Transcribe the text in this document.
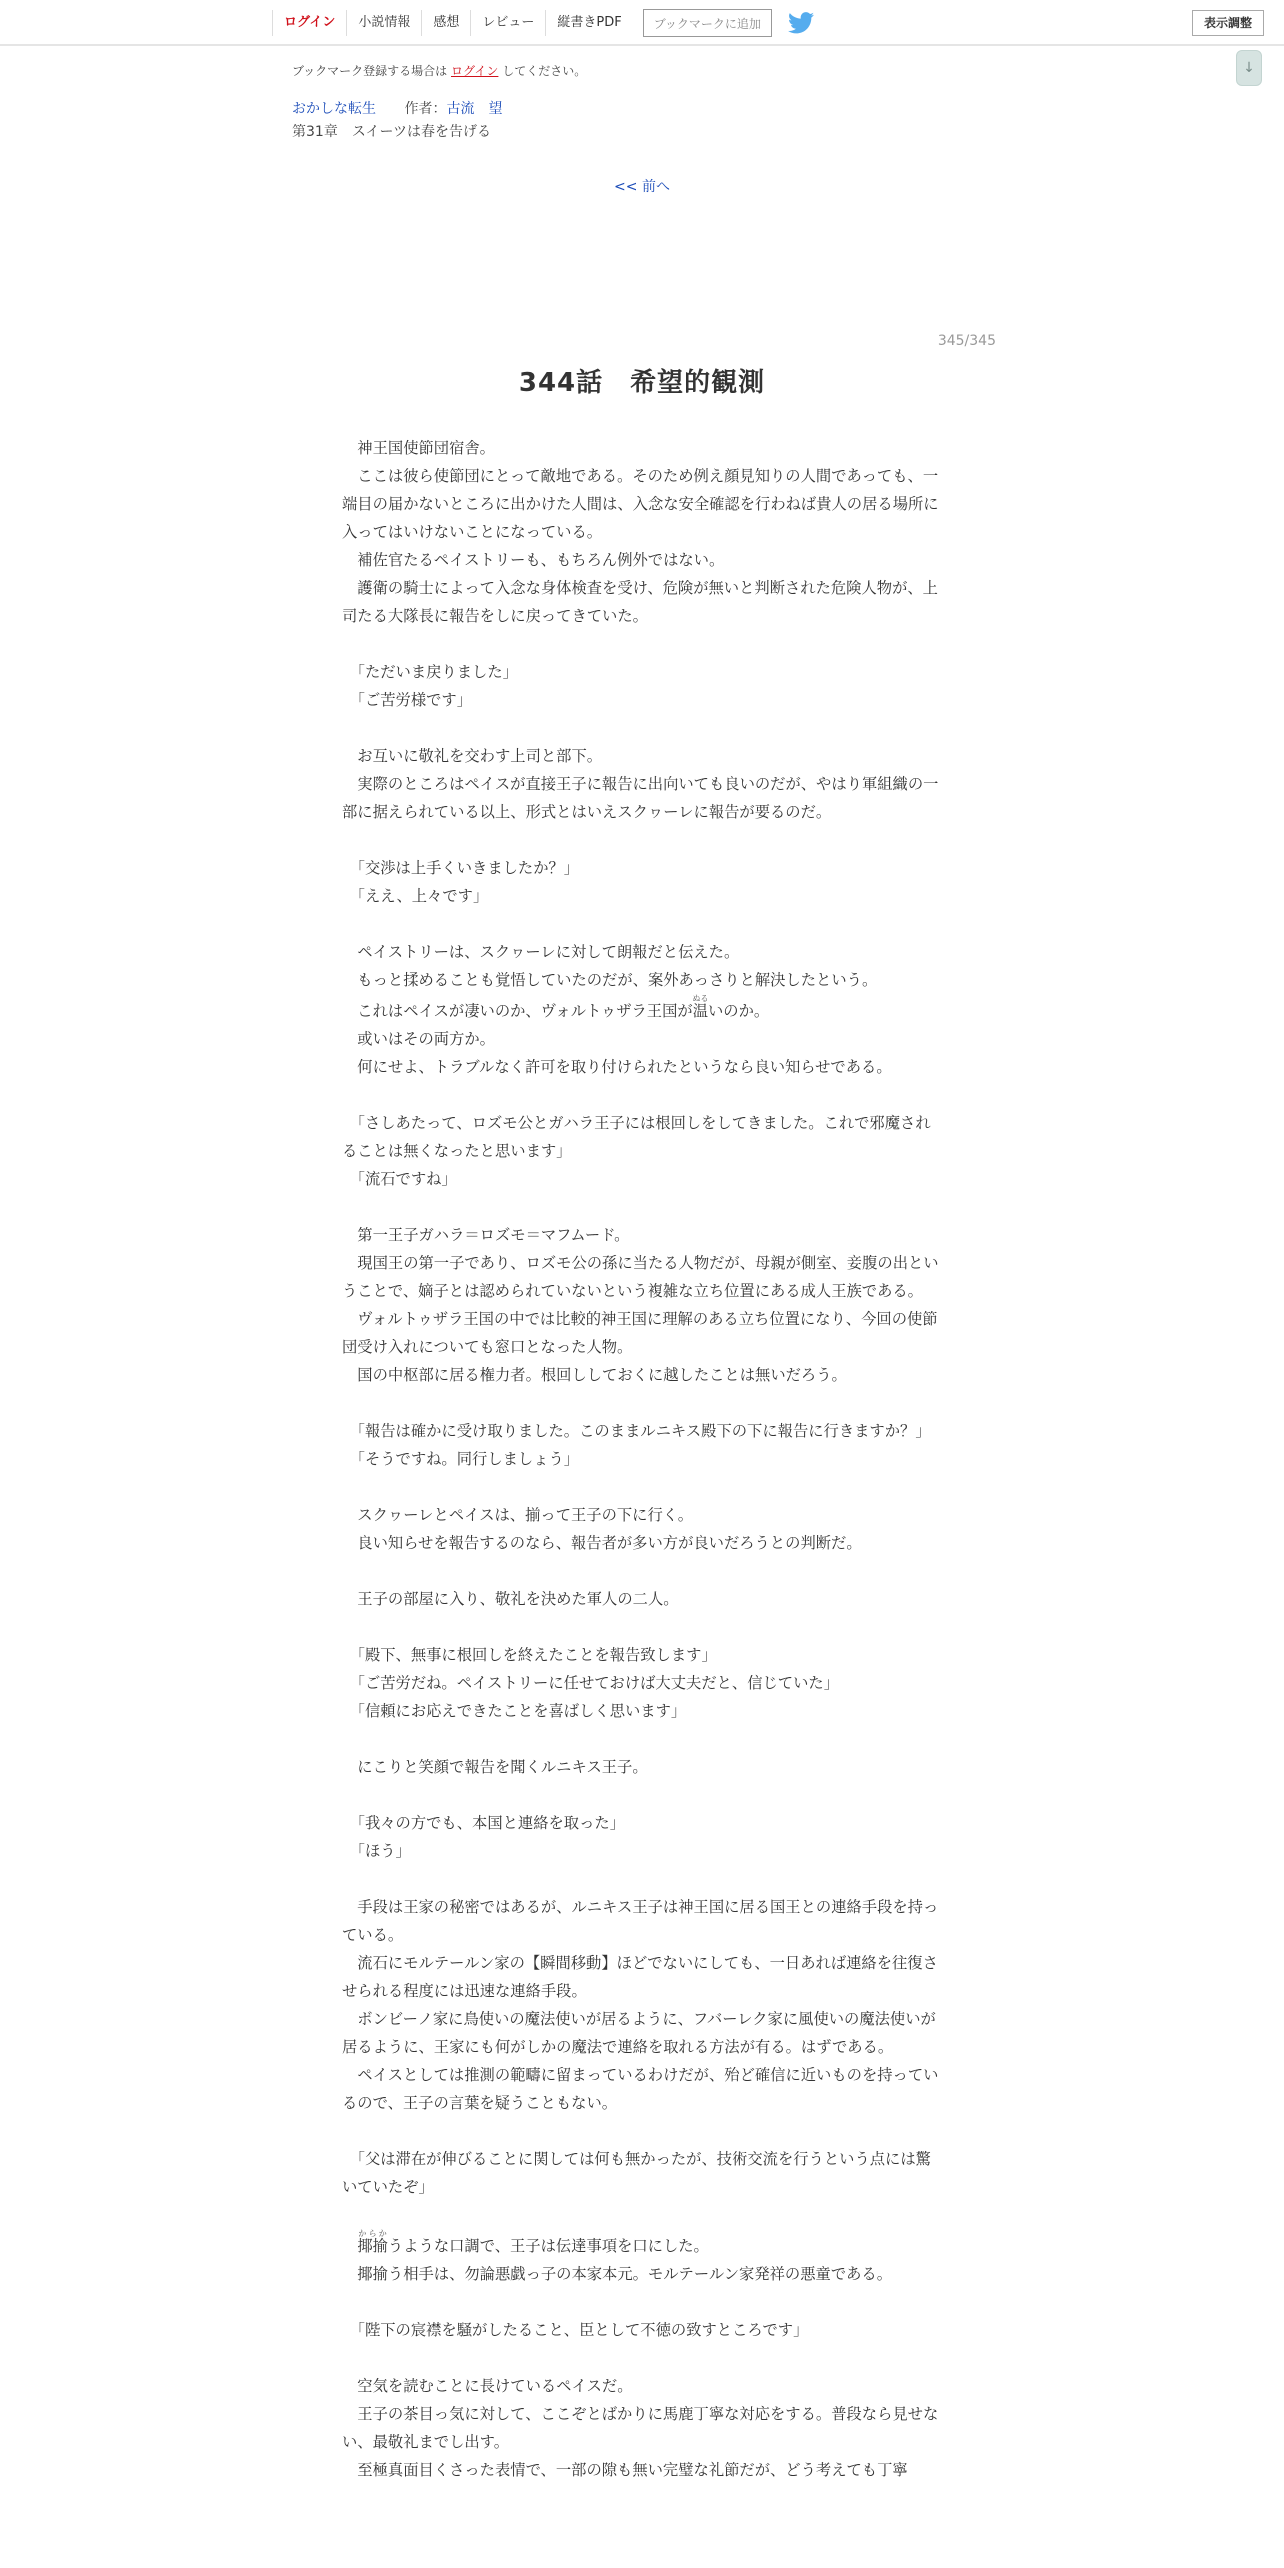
ログイン	小説情報	感想	レビュー	縦書きPDF	ブックマークに追加	表示調整
↓
ブックマーク登録する場合は ログイン してください。
おかしな転生 作者：古流　望
第31章　スイーツは春を告げる
<< 前へ
345/345
344話　希望的観測

　神王国使節団宿舎。

　ここは彼ら使節団にとって敵地である。そのため例え顔見知りの人間であっても、一端目の届かないところに出かけた人間は、入念な安全確認を行わねば貴人の居る場所に入ってはいけないことになっている。

　補佐官たるペイストリーも、もちろん例外ではない。

　護衛の騎士によって入念な身体検査を受け、危険が無いと判断された危険人物が、上司たる大隊長に報告をしに戻ってきていた。

　「ただいま戻りました」

　「ご苦労様です」

　お互いに敬礼を交わす上司と部下。

　実際のところはペイスが直接王子に報告に出向いても良いのだが、やはり軍組織の一部に据えられている以上、形式とはいえスクヮーレに報告が要るのだ。

　「交渉は上手くいきましたか？」

　「ええ、上々です」

　ペイストリーは、スクヮーレに対して朗報だと伝えた。

　もっと揉めることも覚悟していたのだが、案外あっさりと解決したという。

　これはペイスが凄いのか、ヴォルトゥザラ王国が温ぬるいのか。

　或いはその両方か。

　何にせよ、トラブルなく許可を取り付けられたというなら良い知らせである。

　「さしあたって、ロズモ公とガハラ王子には根回しをしてきました。これで邪魔されることは無くなったと思います」

　「流石ですね」

　第一王子ガハラ＝ロズモ＝マフムード。

　現国王の第一子であり、ロズモ公の孫に当たる人物だが、母親が側室、妾腹の出ということで、嫡子とは認められていないという複雑な立ち位置にある成人王族である。

　ヴォルトゥザラ王国の中では比較的神王国に理解のある立ち位置になり、今回の使節団受け入れについても窓口となった人物。

　国の中枢部に居る権力者。根回ししておくに越したことは無いだろう。

　「報告は確かに受け取りました。このままルニキス殿下の下に報告に行きますか？」

　「そうですね。同行しましょう」

　スクヮーレとペイスは、揃って王子の下に行く。

　良い知らせを報告するのなら、報告者が多い方が良いだろうとの判断だ。

　王子の部屋に入り、敬礼を決めた軍人の二人。

　「殿下、無事に根回しを終えたことを報告致します」

　「ご苦労だね。ペイストリーに任せておけば大丈夫だと、信じていた」

　「信頼にお応えできたことを喜ばしく思います」

　にこりと笑顔で報告を聞くルニキス王子。

　「我々の方でも、本国と連絡を取った」

　「ほう」

　手段は王家の秘密ではあるが、ルニキス王子は神王国に居る国王との連絡手段を持っている。

　流石にモルテールン家の【瞬間移動】ほどでないにしても、一日あれば連絡を往復させられる程度には迅速な連絡手段。

　ボンビーノ家に鳥使いの魔法使いが居るように、フバーレク家に風使いの魔法使いが居るように、王家にも何がしかの魔法で連絡を取れる方法が有る。はずである。

　ペイスとしては推測の範疇に留まっているわけだが、殆ど確信に近いものを持っているので、王子の言葉を疑うこともない。

　「父は滞在が伸びることに関しては何も無かったが、技術交流を行うという点には驚いていたぞ」

　揶揄からかうような口調で、王子は伝達事項を口にした。

　揶揄う相手は、勿論悪戯っ子の本家本元。モルテールン家発祥の悪童である。

　「陛下の宸襟を騒がしたること、臣として不徳の致すところです」

　空気を読むことに長けているペイスだ。

　王子の茶目っ気に対して、ここぞとばかりに馬鹿丁寧な対応をする。普段なら見せない、最敬礼までし出す。

　至極真面目くさった表情で、一部の隙も無い完璧な礼節だが、どう考えても丁寧
